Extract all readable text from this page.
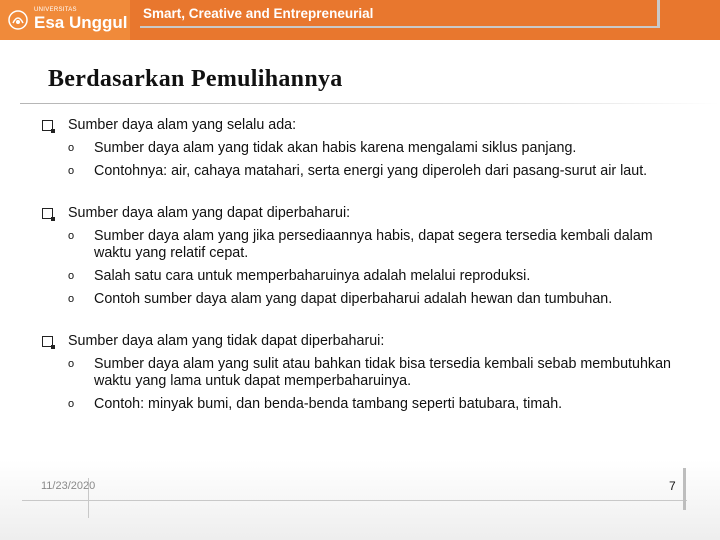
UNIVERSITAS
Esa Unggul Smart, Creative and Entrepreneurial
Berdasarkan Pemulihannya
Sumber daya alam yang selalu ada:
o	Sumber daya alam yang tidak akan habis karena mengalami siklus panjang.
o	Contohnya: air, cahaya matahari, serta energi yang diperoleh dari pasang-surut air laut.
Sumber daya alam yang dapat diperbaharui:
o	Sumber daya alam yang jika persediaannya habis, dapat segera tersedia kembali dalam waktu yang relatif cepat.
o	Salah satu cara untuk memperbaharuinya adalah melalui reproduksi.
o	Contoh sumber daya alam yang dapat diperbaharui adalah hewan dan tumbuhan.
Sumber daya alam yang tidak dapat diperbaharui:
o	Sumber daya alam yang sulit atau bahkan tidak bisa tersedia kembali sebab membutuhkan waktu yang lama untuk dapat memperbaharuinya.
o	Contoh: minyak bumi, dan benda-benda tambang seperti batubara, timah.
11/23/2020	7
